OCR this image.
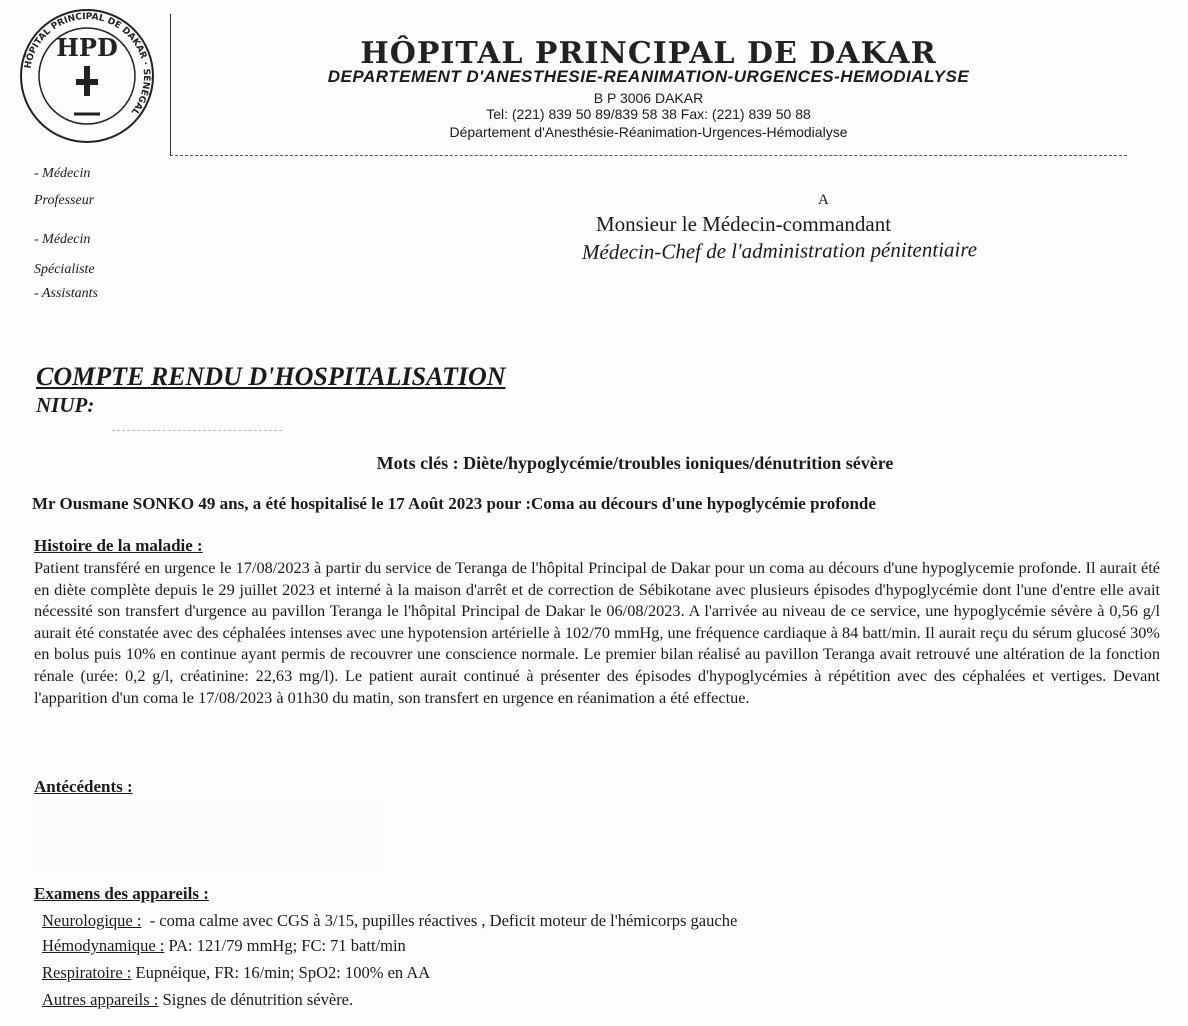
HÔPITAL PRINCIPAL DE DAKAR · SÉNÉGAL
HPD	HÔPITAL PRINCIPAL DE DAKAR
DEPARTEMENT D'ANESTHESIE-REANIMATION-URGENCES-HEMODIALYSE
B P 3006 DAKAR
Tel: (221) 839 50 89/839 58 38 Fax: (221) 839 50 88
Département d'Anesthésie-Réanimation-Urgences-Hémodialyse
- Médecin
Professeur
- Médecin
Spécialiste
- Assistants
A
Monsieur le Médecin-commandant
Médecin-Chef de l'administration pénitentiaire
COMPTE RENDU D'HOSPITALISATION
NIUP:
Mots clés : Diète/hypoglycémie/troubles ioniques/dénutrition sévère
Mr Ousmane SONKO 49 ans, a été hospitalisé le 17 Août 2023 pour :Coma au décours d'une hypoglycémie profonde
Histoire de la maladie :
Patient transféré en urgence le 17/08/2023 à partir du service de Teranga de l'hôpital Principal de Dakar pour un coma au décours d'une hypoglycemie profonde. Il aurait été en diète complète depuis le 29 juillet 2023 et interné à la maison d'arrêt et de correction de Sébikotane avec plusieurs épisodes d'hypoglycémie dont l'une d'entre elle avait nécessité son transfert d'urgence au pavillon Teranga le l'hôpital Principal de Dakar le 06/08/2023. A l'arrivée au niveau de ce service, une hypoglycémie sévère à 0,56 g/l aurait été constatée avec des céphalées intenses avec une hypotension artérielle à 102/70 mmHg, une fréquence cardiaque à 84 batt/min. Il aurait reçu du sérum glucosé 30% en bolus puis 10% en continue ayant permis de recouvrer une conscience normale. Le premier bilan réalisé au pavillon Teranga avait retrouvé une altération de la fonction rénale (urée: 0,2 g/l, créatinine: 22,63 mg/l). Le patient aurait continué à présenter des épisodes d'hypoglycémies à répétition avec des céphalées et vertiges. Devant l'apparition d'un coma le 17/08/2023 à 01h30 du matin, son transfert en urgence en réanimation a été effectue.
Antécédents :
Examens des appareils :
Neurologique :  - coma calme avec CGS à 3/15, pupilles réactives , Deficit moteur de l'hémicorps gauche
Hémodynamique : PA: 121/79 mmHg; FC: 71 batt/min
Respiratoire : Eupnéique, FR: 16/min; SpO2: 100% en AA
Autres appareils : Signes de dénutrition sévère.
